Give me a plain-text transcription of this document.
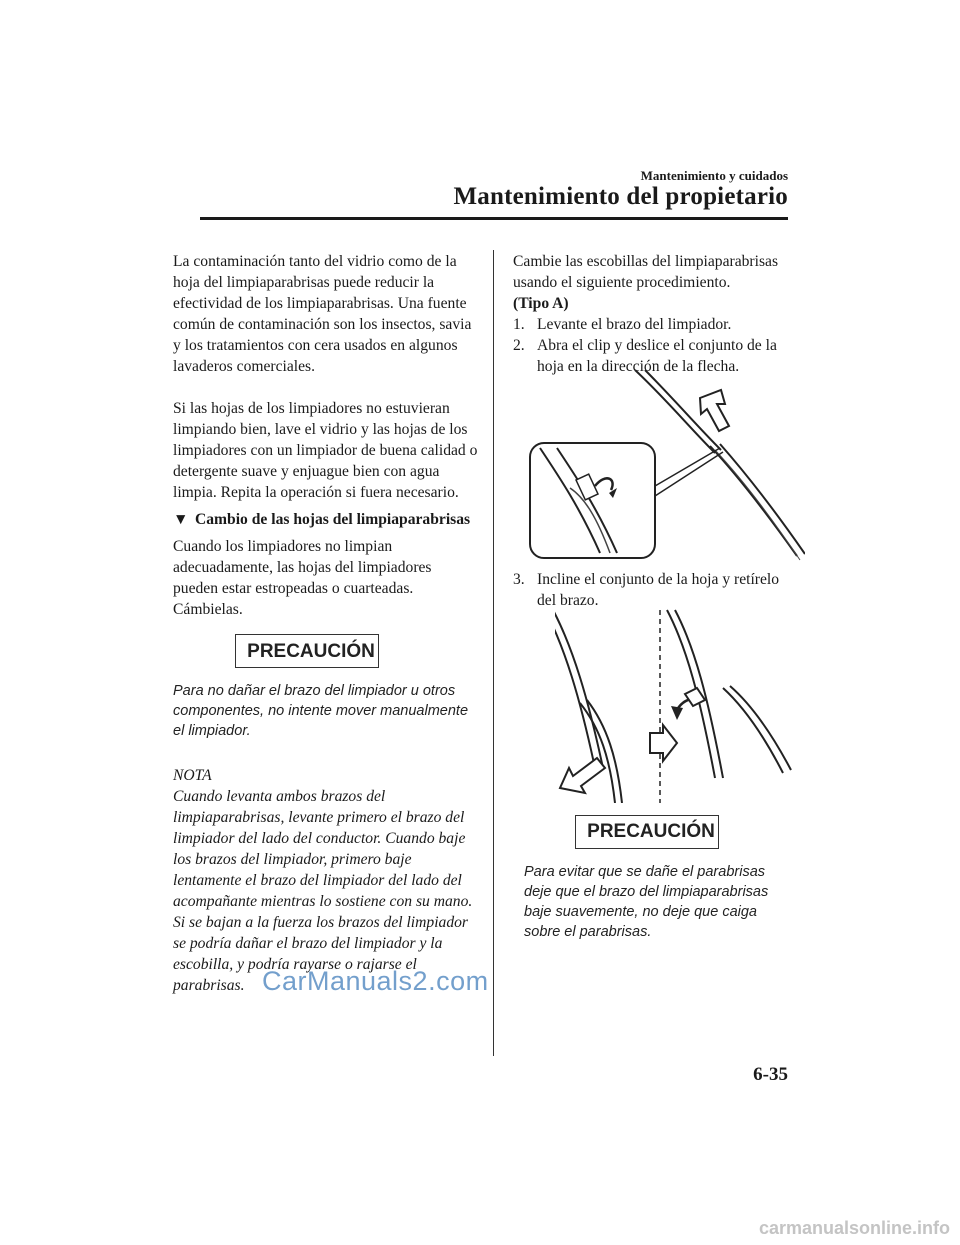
Mantenimiento y cuidados
Mantenimiento del propietario

La contaminación tanto del vidrio como de la hoja del limpiaparabrisas puede reducir la efectividad de los limpiaparabrisas. Una fuente común de contaminación son los insectos, savia y los tratamientos con cera usados en algunos lavaderos comerciales.

Si las hojas de los limpiadores no estuvieran limpiando bien, lave el vidrio y las hojas de los limpiadores con un limpiador de buena calidad o detergente suave y enjuague bien con agua limpia. Repita la operación si fuera necesario.

▼ Cambio de las hojas del limpiaparabrisas

Cuando los limpiadores no limpian adecuadamente, las hojas del limpiadores pueden estar estropeadas o cuarteadas. Cámbielas.

PRECAUCIÓN
Para no dañar el brazo del limpiador u otros componentes, no intente mover manualmente el limpiador.

NOTA

Cuando levanta ambos brazos del limpiaparabrisas, levante primero el brazo del limpiador del lado del conductor. Cuando baje los brazos del limpiador, primero baje lentamente el brazo del limpiador del lado del acompañante mientras lo sostiene con su mano. Si se bajan a la fuerza los brazos del limpiador se podría dañar el brazo del limpiador y la escobilla, y podría rayarse o rajarse el parabrisas.

Cambie las escobillas del limpiaparabrisas usando el siguiente procedimiento.

(Tipo A)

1. Levante el brazo del limpiador.
2. Abra el clip y deslice el conjunto de la hoja en la dirección de la flecha.
3. Incline el conjunto de la hoja y retírelo del brazo.
PRECAUCIÓN
Para evitar que se dañe el parabrisas deje que el brazo del limpiaparabrisas baje suavemente, no deje que caiga sobre el parabrisas.
6-35
CarManuals2.com
carmanualsonline.info
